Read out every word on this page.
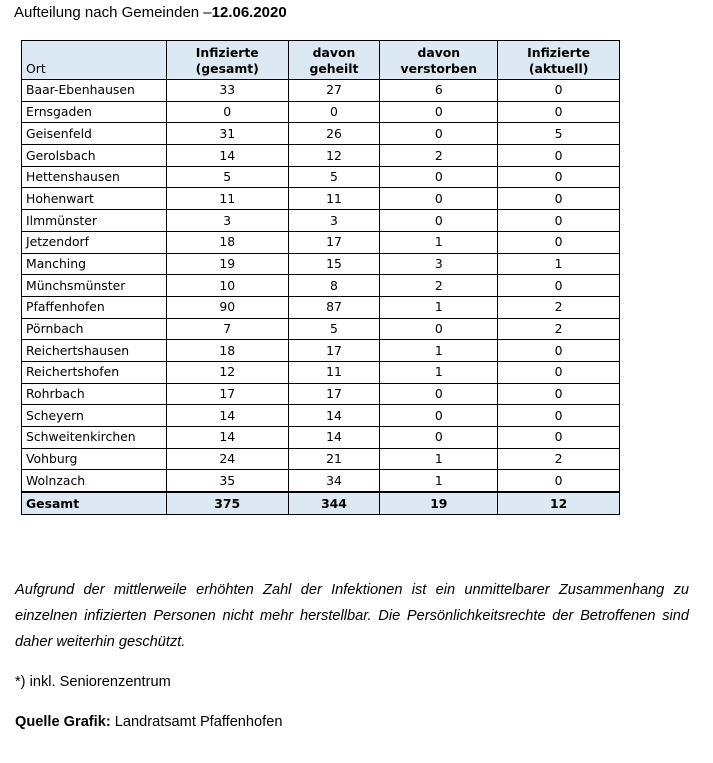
Aufteilung nach Gemeinden –12.06.2020
Ort	Infizierte (gesamt)	davon geheilt	davon verstorben	Infizierte (aktuell)
Baar-Ebenhausen	33	27	6	0
Ernsgaden	0	0	0	0
Geisenfeld	31	26	0	5
Gerolsbach	14	12	2	0
Hettenshausen	5	5	0	0
Hohenwart	11	11	0	0
Ilmmünster	3	3	0	0
Jetzendorf	18	17	1	0
Manching	19	15	3	1
Münchsmünster	10	8	2	0
Pfaffenhofen	90	87	1	2
Pörnbach	7	5	0	2
Reichertshausen	18	17	1	0
Reichertshofen	12	11	1	0
Rohrbach	17	17	0	0
Scheyern	14	14	0	0
Schweitenkirchen	14	14	0	0
Vohburg	24	21	1	2
Wolnzach	35	34	1	0
Gesamt	375	344	19	12
Aufgrund der mittlerweile erhöhten Zahl der Infektionen ist ein unmittelbarer Zusammenhang zu einzelnen infizierten Personen nicht mehr herstellbar. Die Persönlichkeitsrechte der Betroffenen sind daher weiterhin geschützt.
*) inkl. Seniorenzentrum
Quelle Grafik: Landratsamt Pfaffenhofen
